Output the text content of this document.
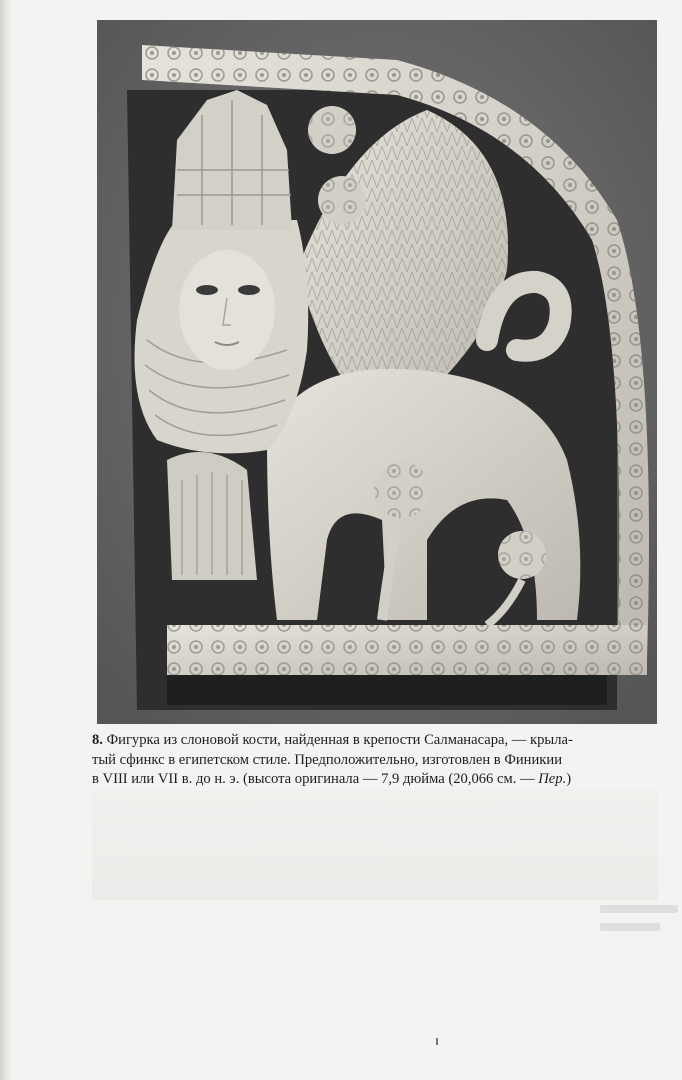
8. Фигурка из слоновой кости, найденная в крепости Салманасара, — крыла-
тый сфинкс в египетском стиле. Предположительно, изготовлен в Финикии
в VIII или VII в. до н. э. (высота оригинала — 7,9 дюйма (20,066 см. — Пер.)
